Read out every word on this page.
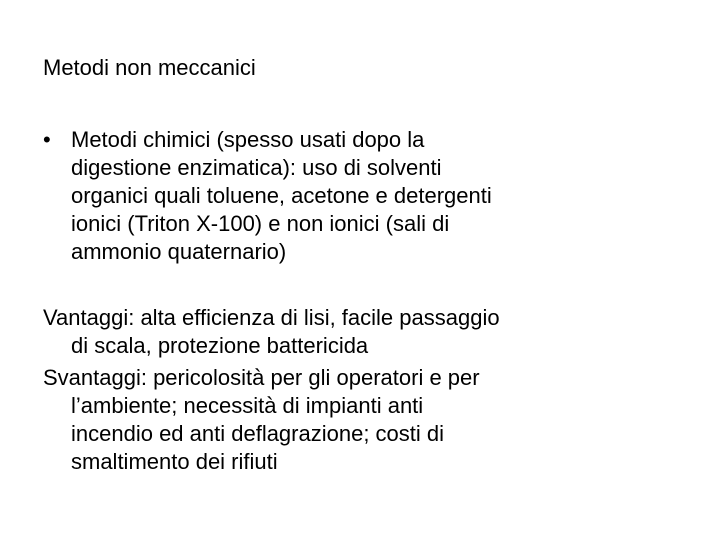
Metodi non meccanici
• Metodi chimici (spesso usati dopo la
digestione enzimatica): uso di solventi
organici quali toluene, acetone e detergenti
ionici (Triton X-100) e non ionici (sali di
ammonio quaternario)
Vantaggi: alta efficienza di lisi, facile passaggio
di scala, protezione battericida
Svantaggi: pericolosità per gli operatori e per
l’ambiente; necessità di impianti anti
incendio ed anti deflagrazione; costi di
smaltimento dei rifiuti
